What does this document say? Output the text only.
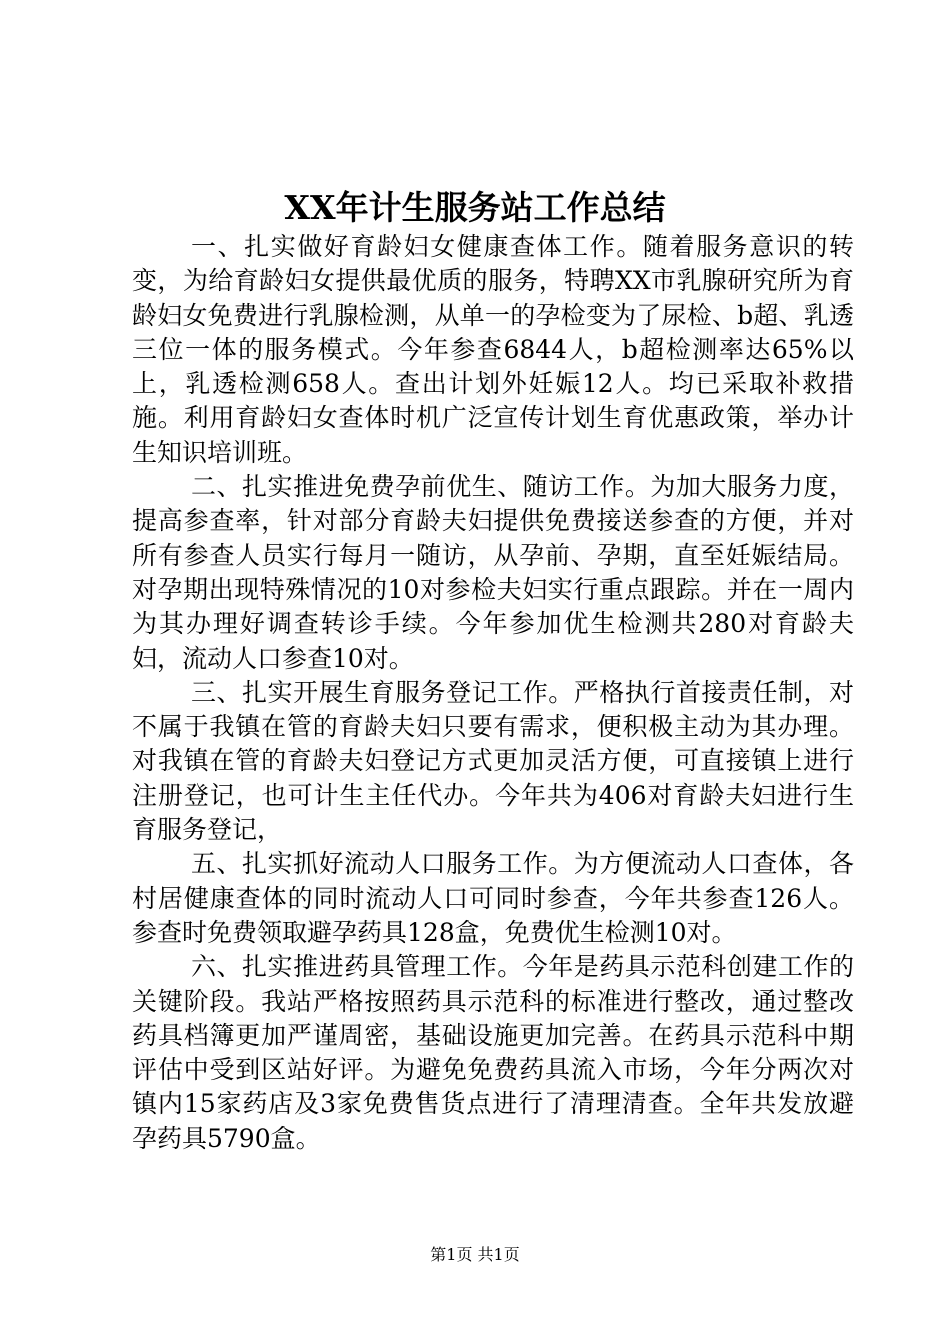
XX年计生服务站工作总结

一、扎实做好育龄妇女健康查体工作。随着服务意识的转变，为给育龄妇女提供最优质的服务，特聘XX市乳腺研究所为育龄妇女免费进行乳腺检测，从单一的孕检变为了尿检、b超、乳透三位一体的服务模式。今年参查6844人，b超检测率达65%以上，乳透检测658人。查出计划外妊娠12人。均已采取补救措施。利用育龄妇女查体时机广泛宣传计划生育优惠政策，举办计生知识培训班。

二、扎实推进免费孕前优生、随访工作。为加大服务力度，提高参查率，针对部分育龄夫妇提供免费接送参查的方便，并对所有参查人员实行每月一随访，从孕前、孕期，直至妊娠结局。对孕期出现特殊情况的10对参检夫妇实行重点跟踪。并在一周内为其办理好调查转诊手续。今年参加优生检测共280对育龄夫妇，流动人口参查10对。

三、扎实开展生育服务登记工作。严格执行首接责任制，对不属于我镇在管的育龄夫妇只要有需求，便积极主动为其办理。对我镇在管的育龄夫妇登记方式更加灵活方便，可直接镇上进行注册登记，也可计生主任代办。今年共为406对育龄夫妇进行生育服务登记，

五、扎实抓好流动人口服务工作。为方便流动人口查体，各村居健康查体的同时流动人口可同时参查，今年共参查126人。参查时免费领取避孕药具128盒，免费优生检测10对。

六、扎实推进药具管理工作。今年是药具示范科创建工作的关键阶段。我站严格按照药具示范科的标准进行整改，通过整改药具档簿更加严谨周密，基础设施更加完善。在药具示范科中期评估中受到区站好评。为避免免费药具流入市场，今年分两次对镇内15家药店及3家免费售货点进行了清理清查。全年共发放避孕药具5790盒。

第1页 共1页
